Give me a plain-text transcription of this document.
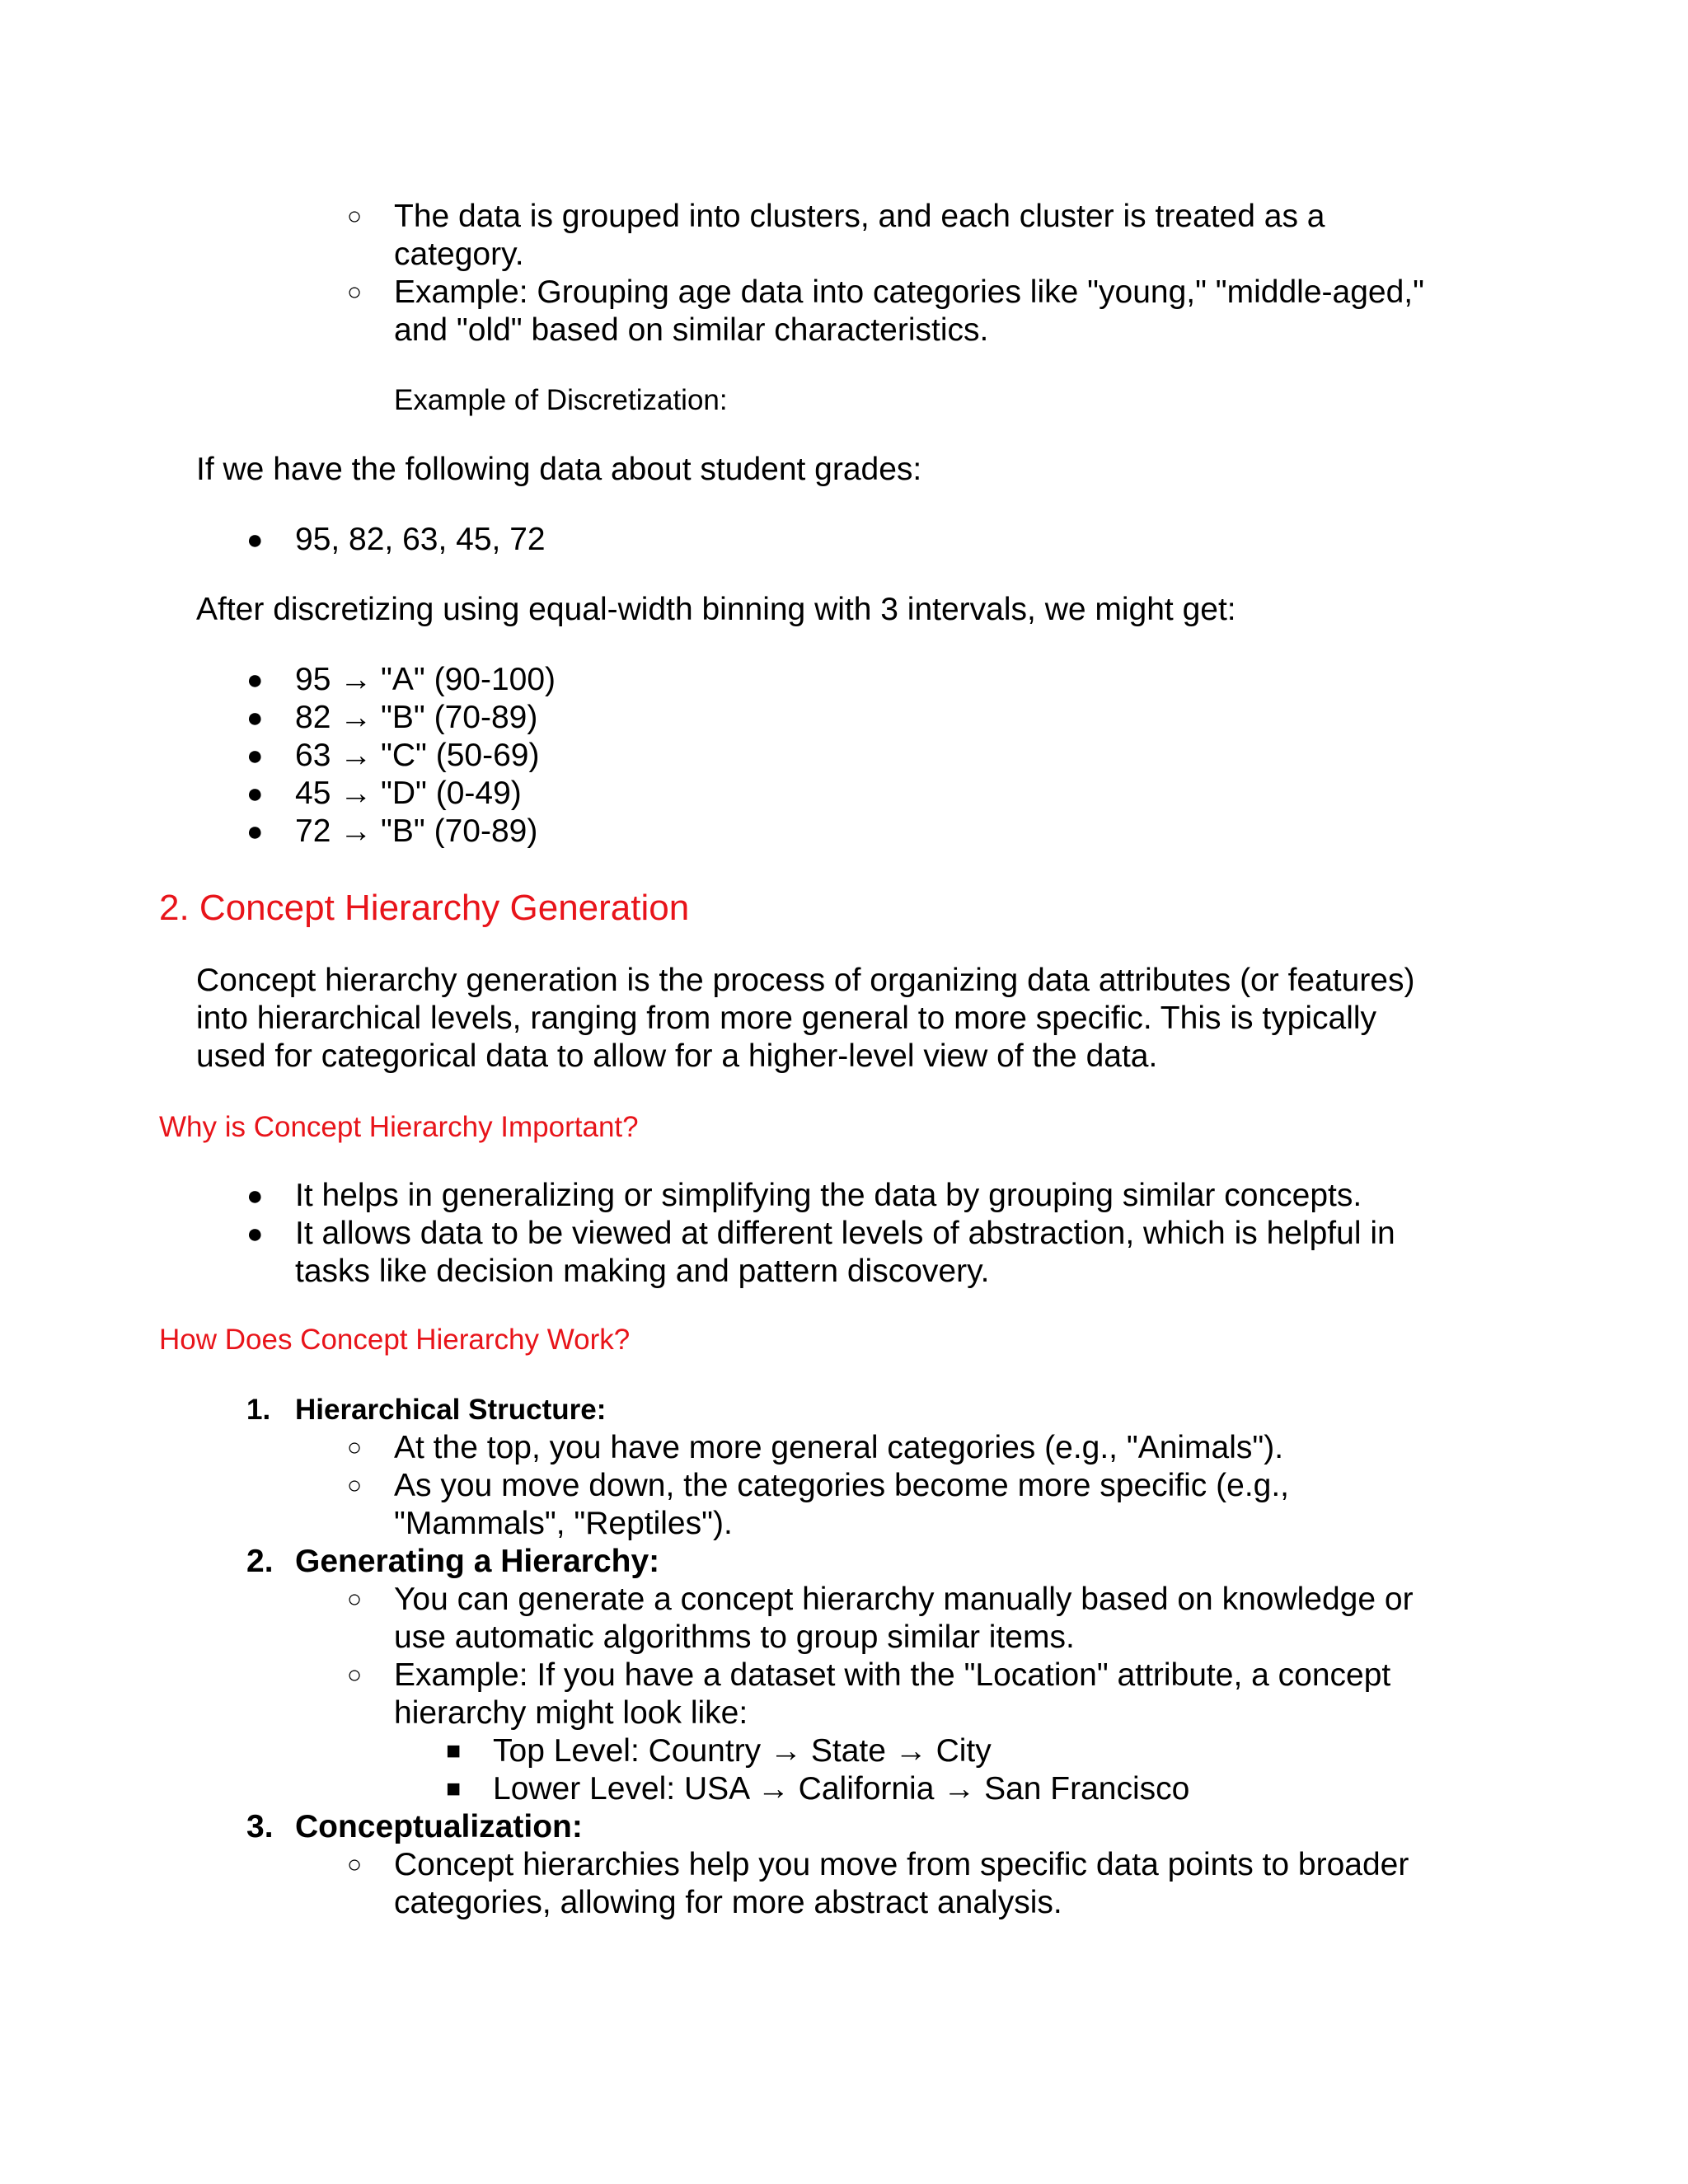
○ The data is grouped into clusters, and each cluster is treated as a
category.
○ Example: Grouping age data into categories like "young," "middle-aged,"
and "old" based on similar characteristics.
Example of Discretization:
If we have the following data about student grades:
● 95, 82, 63, 45, 72
After discretizing using equal-width binning with 3 intervals, we might get:
● 95 → "A" (90-100)
● 82 → "B" (70-89)
● 63 → "C" (50-69)
● 45 → "D" (0-49)
● 72 → "B" (70-89)
2. Concept Hierarchy Generation
Concept hierarchy generation is the process of organizing data attributes (or features)
into hierarchical levels, ranging from more general to more specific. This is typically
used for categorical data to allow for a higher-level view of the data.
Why is Concept Hierarchy Important?
● It helps in generalizing or simplifying the data by grouping similar concepts.
● It allows data to be viewed at different levels of abstraction, which is helpful in
tasks like decision making and pattern discovery.
How Does Concept Hierarchy Work?
1. Hierarchical Structure:
○ At the top, you have more general categories (e.g., "Animals").
○ As you move down, the categories become more specific (e.g.,
"Mammals", "Reptiles").
2. Generating a Hierarchy:
○ You can generate a concept hierarchy manually based on knowledge or
use automatic algorithms to group similar items.
○ Example: If you have a dataset with the "Location" attribute, a concept
hierarchy might look like:
■ Top Level: Country → State → City
■ Lower Level: USA → California → San Francisco
3. Conceptualization:
○ Concept hierarchies help you move from specific data points to broader
categories, allowing for more abstract analysis.
